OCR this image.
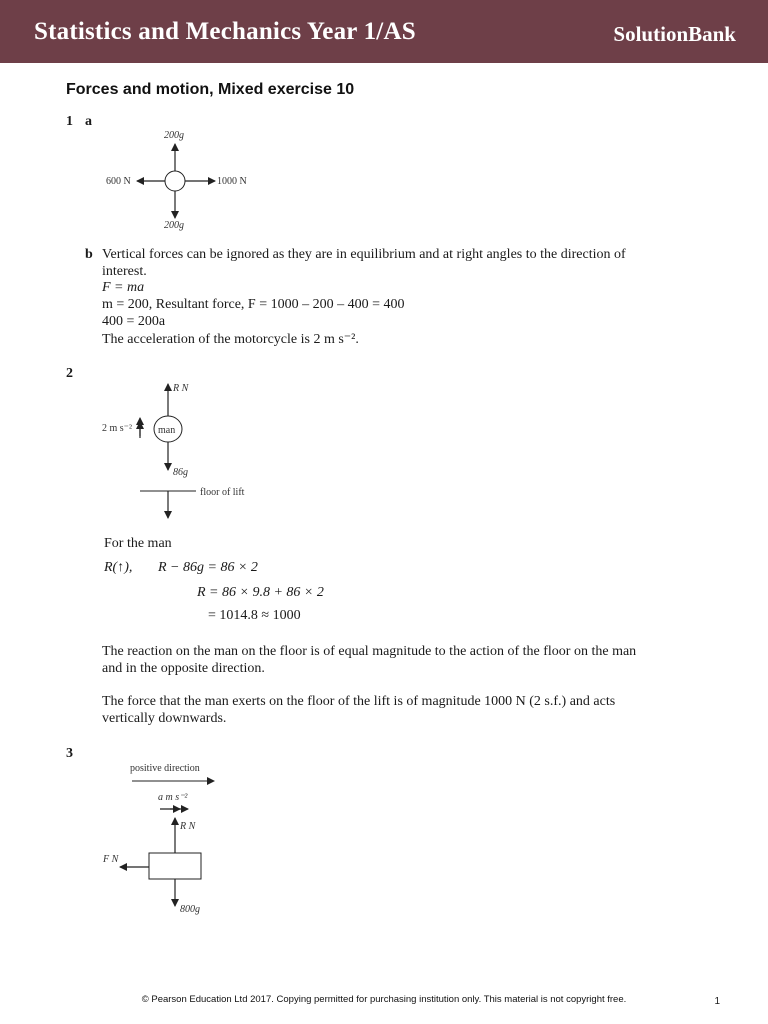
Statistics and Mechanics Year 1/AS	SolutionBank
Forces and motion, Mixed exercise 10
1 a
200g
200g
600 N	1000 N
b Vertical forces can be ignored as they are in equilibrium and at right angles to the direction of
interest.
F = ma
m = 200, Resultant force, F = 1000 – 200 – 400 = 400
400 = 200a
The acceleration of the motorcycle is 2 m s⁻².
2
R N
man
2 m s⁻²
86g
floor of lift
For the man
R(↑), R − 86g = 86 × 2
R = 86 × 9.8 + 86 × 2
= 1014.8 ≈ 1000
The reaction on the man on the floor is of equal magnitude to the action of the floor on the man
and in the opposite direction.
The force that the man exerts on the floor of the lift is of magnitude 1000 N (2 s.f.) and acts
vertically downwards.
3
positive direction
a m s⁻²
R N
F N
800g
© Pearson Education Ltd 2017. Copying permitted for purchasing institution only. This material is not copyright free.	1
